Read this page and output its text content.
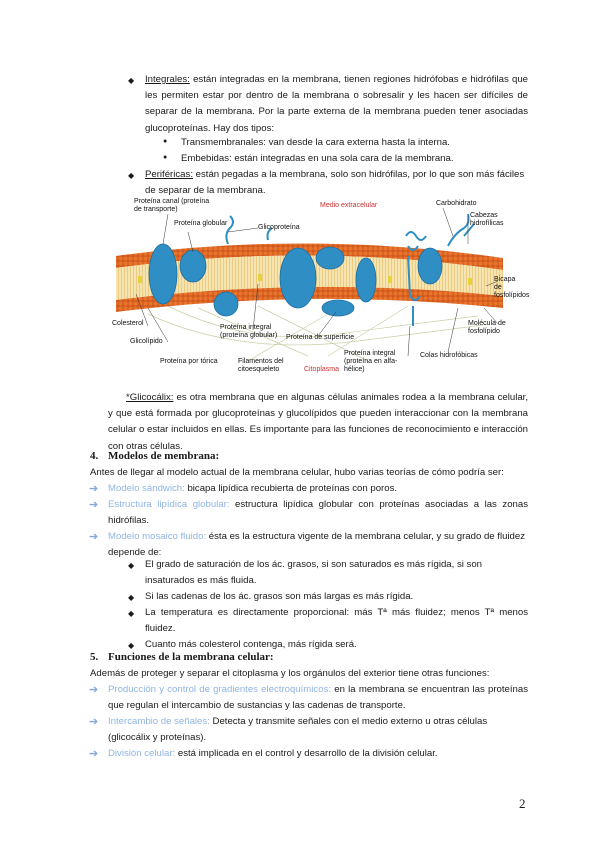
◆ Integrales: están integradas en la membrana, tienen regiones hidrófobas e hidrófilas que les permiten estar por dentro de la membrana o sobresalir y les hacen ser difíciles de separar de la membrana. Por la parte externa de la membrana pueden tener asociadas glucoproteínas. Hay dos tipos:
● Transmembranales: van desde la cara externa hasta la interna.
● Embebidas: están integradas en una sola cara de la membrana.
◆ Periféricas: están pegadas a la membrana, solo son hidrófilas, por lo que son más fáciles de separar de la membrana.
Proteína canal (proteína de transporte)
Proteína globular
Glicoproteína
Medio extracelular	Carbohidrato
Cabezas hidrofílicas
Bicapa de fosfolípidos
Colesterol
Glicolípido
Proteína integral (proteína globular)	Proteína de superficie
Molécula de fosfolípido
Proteína por tórica	Filamentos del citoesqueleto	Citoplasma
Proteína integral (proteína en alfa-hélice)
Colas hidrofóbicas
*Glicocálix: es otra membrana que en algunas células animales rodea a la membrana celular, y que está formada por glucoproteínas y glucolípidos que pueden interaccionar con la membrana celular o estar incluidos en ellas. Es importante para las funciones de reconocimiento e interacción con otras células.
4. Modelos de membrana:
Antes de llegar al modelo actual de la membrana celular, hubo varias teorías de cómo podría ser:
➔ Modelo sándwich: bicapa lipídica recubierta de proteínas con poros.
➔ Estructura lipídica globular: estructura lipídica globular con proteínas asociadas a las zonas hidrófilas.
➔ Modelo mosaico fluido: ésta es la estructura vigente de la membrana celular, y su grado de fluidez depende de:
◆ El grado de saturación de los ác. grasos, si son saturados es más rígida, si son insaturados es más fluida.
◆ Si las cadenas de los ác. grasos son más largas es más rígida.
◆ La temperatura es directamente proporcional: más Tª más fluidez; menos Tª menos fluidez.
◆ Cuanto más colesterol contenga, más rígida será.
5. Funciones de la membrana celular:
Además de proteger y separar el citoplasma y los orgánulos del exterior tiene otras funciones:
➔ Producción y control de gradientes electroquímicos: en la membrana se encuentran las proteínas que regulan el intercambio de sustancias y las cadenas de transporte.
➔ Intercambio de señales: Detecta y transmite señales con el medio externo u otras células (glicocálix y proteínas).
➔ División celular: está implicada en el control y desarrollo de la división celular.
2
